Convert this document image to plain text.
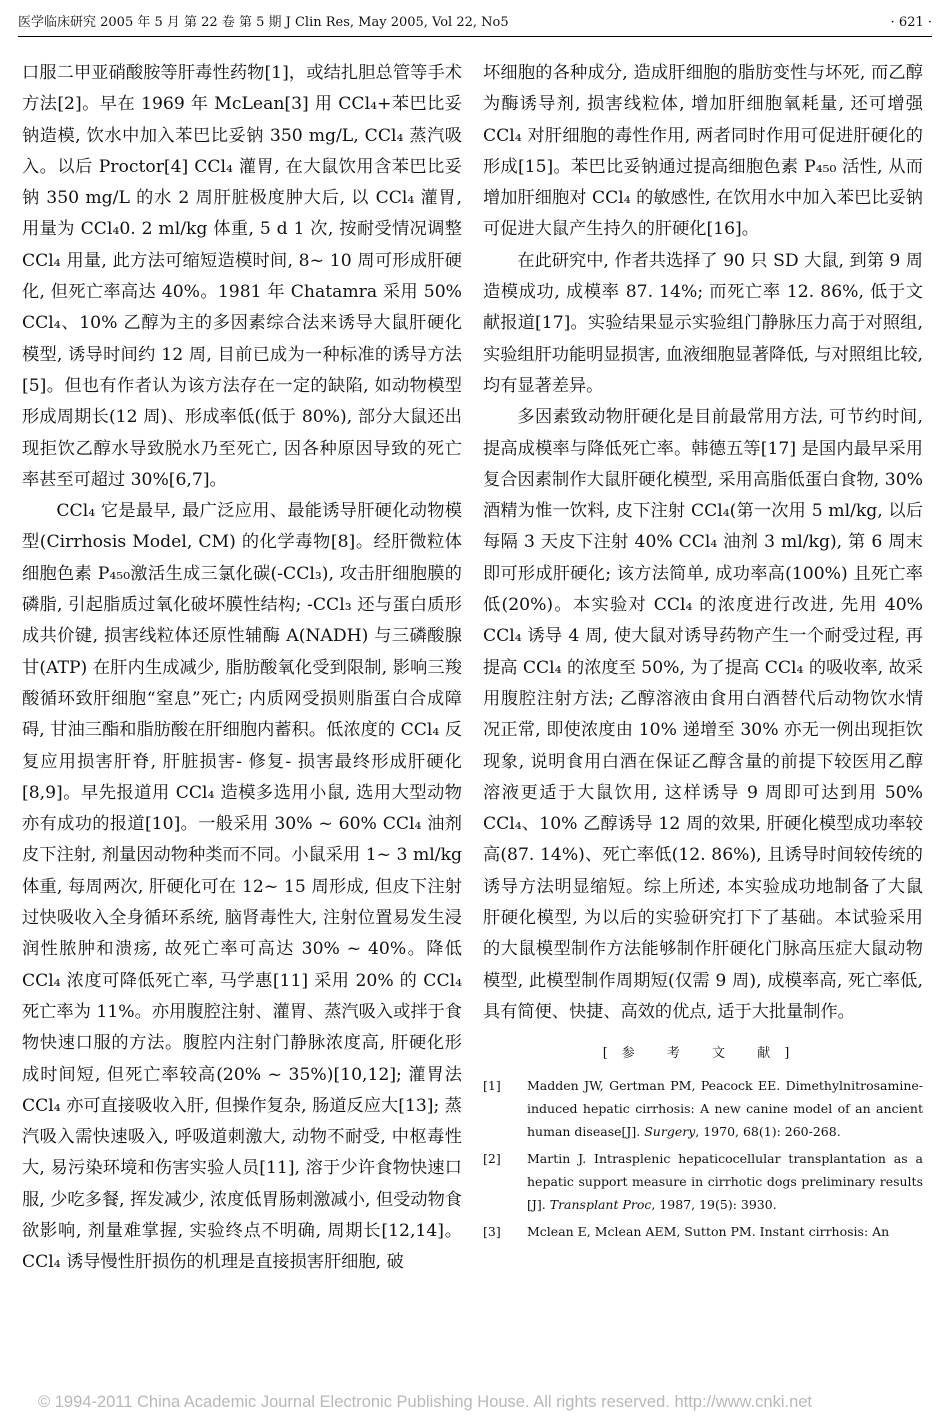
医学临床研究 2005 年 5 月 第 22 卷 第 5 期 J Clin Res, May 2005, Vol 22, No5	· 621 ·

口服二甲亚硝酸胺等肝毒性药物[1]，或结扎胆总管等手术方法[2]。早在 1969 年 McLean[3] 用 CCl₄+苯巴比妥钠造模, 饮水中加入苯巴比妥钠 350 mg/L, CCl₄ 蒸汽吸入。以后 Proctor[4] CCl₄ 灌胃, 在大鼠饮用含苯巴比妥钠 350 mg/L 的水 2 周肝脏极度肿大后, 以 CCl₄ 灌胃, 用量为 CCl₄0. 2 ml/kg 体重, 5 d 1 次, 按耐受情况调整 CCl₄ 用量, 此方法可缩短造模时间, 8~ 10 周可形成肝硬化, 但死亡率高达 40%。1981 年 Chatamra 采用 50% CCl₄、10% 乙醇为主的多因素综合法来诱导大鼠肝硬化模型, 诱导时间约 12 周, 目前已成为一种标准的诱导方法[5]。但也有作者认为该方法存在一定的缺陷, 如动物模型形成周期长(12 周)、形成率低(低于 80%), 部分大鼠还出现拒饮乙醇水导致脱水乃至死亡, 因各种原因导致的死亡率甚至可超过 30%[6,7]。

CCl₄ 它是最早, 最广泛应用、最能诱导肝硬化动物模型(Cirrhosis Model, CM) 的化学毒物[8]。经肝微粒体细胞色素 P₄₅₀激活生成三氯化碳(-CCl₃), 攻击肝细胞膜的磷脂, 引起脂质过氧化破坏膜性结构; -CCl₃ 还与蛋白质形成共价键, 损害线粒体还原性辅酶 A(NADH) 与三磷酸腺甘(ATP) 在肝内生成减少, 脂肪酸氧化受到限制, 影响三羧酸循环致肝细胞“窒息”死亡; 内质网受损则脂蛋白合成障碍, 甘油三酯和脂肪酸在肝细胞内蓄积。低浓度的 CCl₄ 反复应用损害肝脊, 肝脏损害- 修复- 损害最终形成肝硬化[8,9]。早先报道用 CCl₄ 造模多选用小鼠, 选用大型动物亦有成功的报道[10]。一般采用 30% ~ 60% CCl₄ 油剂皮下注射, 剂量因动物种类而不同。小鼠采用 1~ 3 ml/kg 体重, 每周两次, 肝硬化可在 12~ 15 周形成, 但皮下注射过快吸收入全身循环系统, 脑肾毒性大, 注射位置易发生浸润性脓肿和溃疡, 故死亡率可高达 30% ~ 40%。降低 CCl₄ 浓度可降低死亡率, 马学惠[11] 采用 20% 的 CCl₄ 死亡率为 11%。亦用腹腔注射、灌胃、蒸汽吸入或拌于食物快速口服的方法。腹腔内注射门静脉浓度高, 肝硬化形成时间短, 但死亡率较高(20% ~ 35%)[10,12]; 灌胃法 CCl₄ 亦可直接吸收入肝, 但操作复杂, 肠道反应大[13]; 蒸汽吸入需快速吸入, 呼吸道刺激大, 动物不耐受, 中枢毒性大, 易污染环境和伤害实验人员[11], 溶于少许食物快速口服, 少吃多餐, 挥发减少, 浓度低胃肠刺激减小, 但受动物食欲影响, 剂量难掌握, 实验终点不明确, 周期长[12,14]。CCl₄ 诱导慢性肝损伤的机理是直接损害肝细胞, 破

坏细胞的各种成分, 造成肝细胞的脂肪变性与坏死, 而乙醇为酶诱导剂, 损害线粒体, 增加肝细胞氧耗量, 还可增强 CCl₄ 对肝细胞的毒性作用, 两者同时作用可促进肝硬化的形成[15]。苯巴比妥钠通过提高细胞色素 P₄₅₀ 活性, 从而增加肝细胞对 CCl₄ 的敏感性, 在饮用水中加入苯巴比妥钠可促进大鼠产生持久的肝硬化[16]。

在此研究中, 作者共选择了 90 只 SD 大鼠, 到第 9 周造模成功, 成模率 87. 14%; 而死亡率 12. 86%, 低于文献报道[17]。实验结果显示实验组门静脉压力高于对照组, 实验组肝功能明显损害, 血液细胞显著降低, 与对照组比较, 均有显著差异。

多因素致动物肝硬化是目前最常用方法, 可节约时间, 提高成模率与降低死亡率。韩德五等[17] 是国内最早采用复合因素制作大鼠肝硬化模型, 采用高脂低蛋白食物, 30% 酒精为惟一饮料, 皮下注射 CCl₄(第一次用 5 ml/kg, 以后每隔 3 天皮下注射 40% CCl₄ 油剂 3 ml/kg), 第 6 周末即可形成肝硬化; 该方法简单, 成功率高(100%) 且死亡率低(20%)。本实验对 CCl₄ 的浓度进行改进, 先用 40% CCl₄ 诱导 4 周, 使大鼠对诱导药物产生一个耐受过程, 再提高 CCl₄ 的浓度至 50%, 为了提高 CCl₄ 的吸收率, 故采用腹腔注射方法; 乙醇溶液由食用白酒替代后动物饮水情况正常, 即使浓度由 10% 递增至 30% 亦无一例出现拒饮现象, 说明食用白酒在保证乙醇含量的前提下较医用乙醇溶液更适于大鼠饮用, 这样诱导 9 周即可达到用 50% CCl₄、10% 乙醇诱导 12 周的效果, 肝硬化模型成功率较高(87. 14%)、死亡率低(12. 86%), 且诱导时间较传统的诱导方法明显缩短。综上所述, 本实验成功地制备了大鼠肝硬化模型, 为以后的实验研究打下了基础。本试验采用的大鼠模型制作方法能够制作肝硬化门脉高压症大鼠动物模型, 此模型制作周期短(仅需 9 周), 成模率高, 死亡率低, 具有简便、快捷、高效的优点, 适于大批量制作。

[参 考 文 献]
[1] Madden JW, Gertman PM, Peacock EE. Dimethylnitrosamine-induced hepatic cirrhosis: A new canine model of an ancient human disease[J]. Surgery, 1970, 68(1): 260-268.
[2] Martin J. Intrasplenic hepaticocellular transplantation as a hepatic support measure in cirrhotic dogs preliminary results [J]. Transplant Proc, 1987, 19(5): 3930.
[3] Mclean E, Mclean AEM, Sutton PM. Instant cirrhosis: An
© 1994-2011 China Academic Journal Electronic Publishing House. All rights reserved. http://www.cnki.net
